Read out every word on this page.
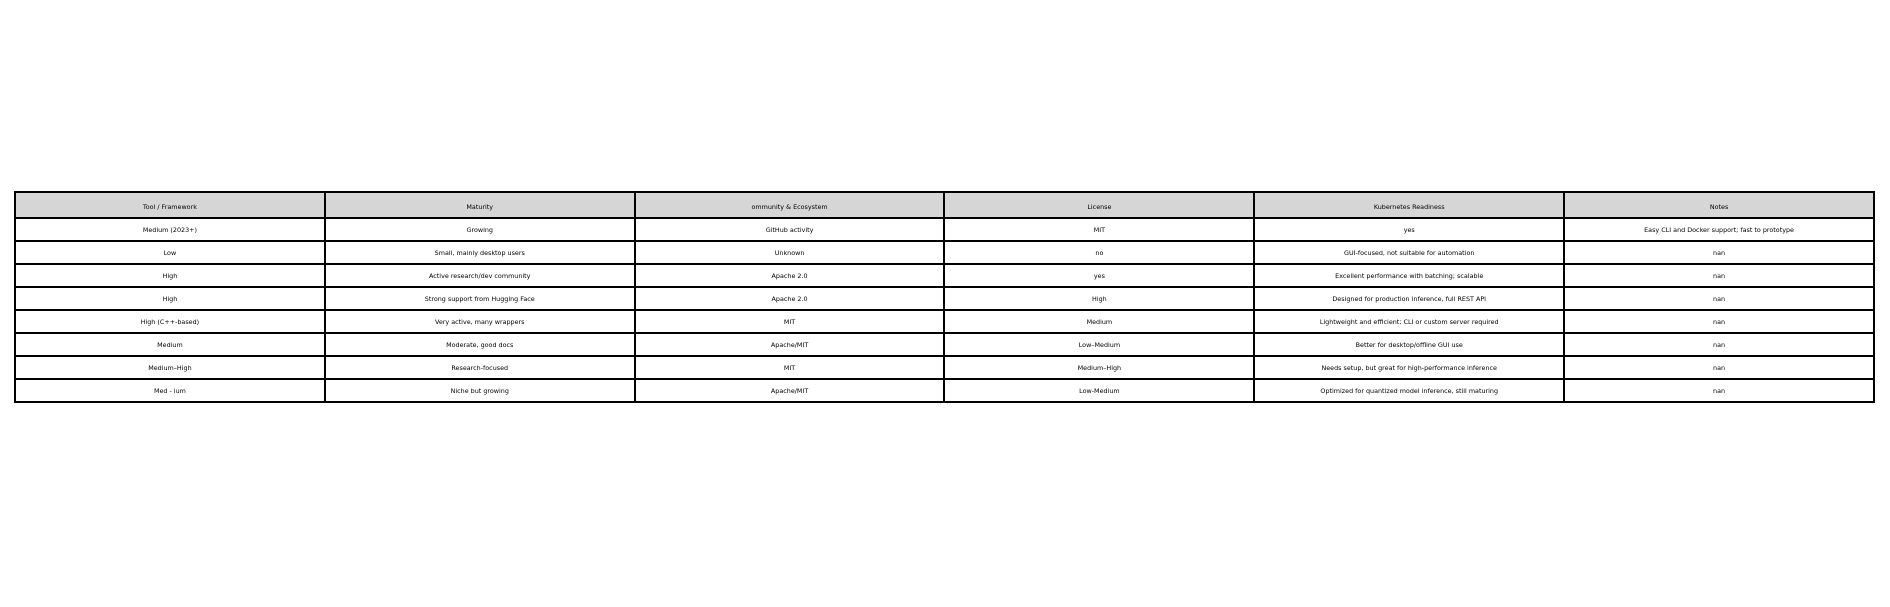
Tool / Framework	Maturity	ommunity & Ecosystem	License	Kubernetes Readiness	Notes
Medium (2023+)	Growing	GitHub activity	MIT	yes	Easy CLI and Docker support; fast to prototype
Low	Small, mainly desktop users	Unknown	no	GUI-focused, not suitable for automation	nan
High	Active research/dev community	Apache 2.0	yes	Excellent performance with batching; scalable	nan
High	Strong support from Hugging Face	Apache 2.0	High	Designed for production inference, full REST API	nan
High (C++-based)	Very active, many wrappers	MIT	Medium	Lightweight and efficient; CLI or custom server required	nan
Medium	Moderate, good docs	Apache/MIT	Low–Medium	Better for desktop/offline GUI use	nan
Medium–High	Research-focused	MIT	Medium–High	Needs setup, but great for high-performance inference	nan
Med - ium	Niche but growing	Apache/MIT	Low-Medium	Optimized for quantized model inference, still maturing	nan
